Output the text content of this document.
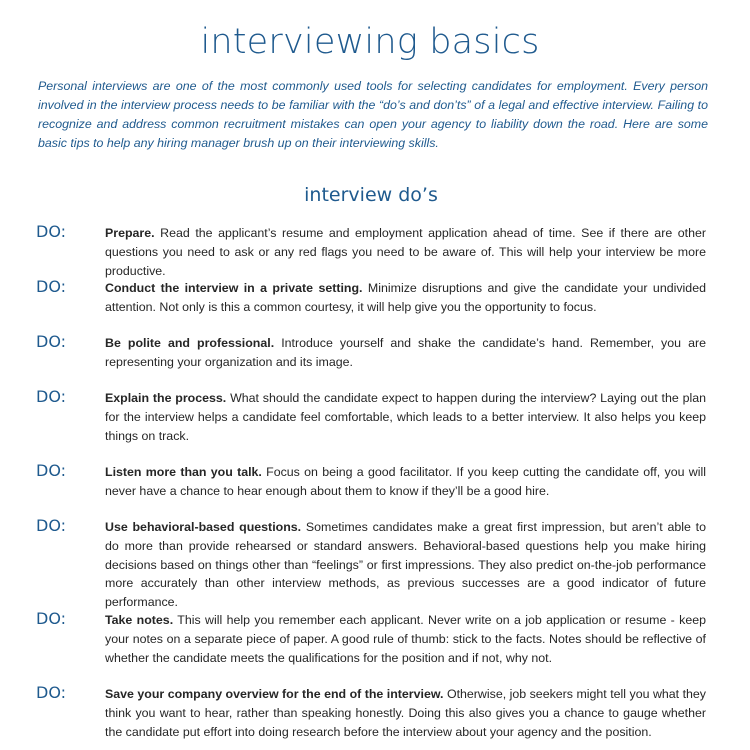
interviewing basics

Personal interviews are one of the most commonly used tools for selecting candidates for employment. Every person involved in the interview process needs to be familiar with the “do’s and don’ts” of a legal and effective interview. Failing to recognize and address common recruitment mistakes can open your agency to liability down the road. Here are some basic tips to help any hiring manager brush up on their interviewing skills.

interview do’s
DO:	Prepare. Read the applicant’s resume and employment application ahead of time. See if there are other questions you need to ask or any red flags you need to be aware of. This will help your interview be more productive.

DO:	Conduct the interview in a private setting. Minimize disruptions and give the candidate your undivided attention. Not only is this a common courtesy, it will help give you the opportunity to focus.

DO:	Be polite and professional. Introduce yourself and shake the candidate’s hand. Remember, you are representing your organization and its image.

DO:	Explain the process. What should the candidate expect to happen during the interview? Laying out the plan for the interview helps a candidate feel comfortable, which leads to a better interview. It also helps you keep things on track.

DO:	Listen more than you talk. Focus on being a good facilitator. If you keep cutting the candidate off, you will never have a chance to hear enough about them to know if they’ll be a good hire.

DO:	Use behavioral-based questions. Sometimes candidates make a great first impression, but aren’t able to do more than provide rehearsed or standard answers. Behavioral-based questions help you make hiring decisions based on things other than “feelings” or first impressions. They also predict on-the-job performance more accurately than other interview methods, as previous successes are a good indicator of future performance.

DO:	Take notes. This will help you remember each applicant. Never write on a job application or resume - keep your notes on a separate piece of paper. A good rule of thumb: stick to the facts. Notes should be reflective of whether the candidate meets the qualifications for the position and if not, why not.

DO:	Save your company overview for the end of the interview. Otherwise, job seekers might tell you what they think you want to hear, rather than speaking honestly. Doing this also gives you a chance to gauge whether the candidate put effort into doing research before the interview about your agency and the position.
